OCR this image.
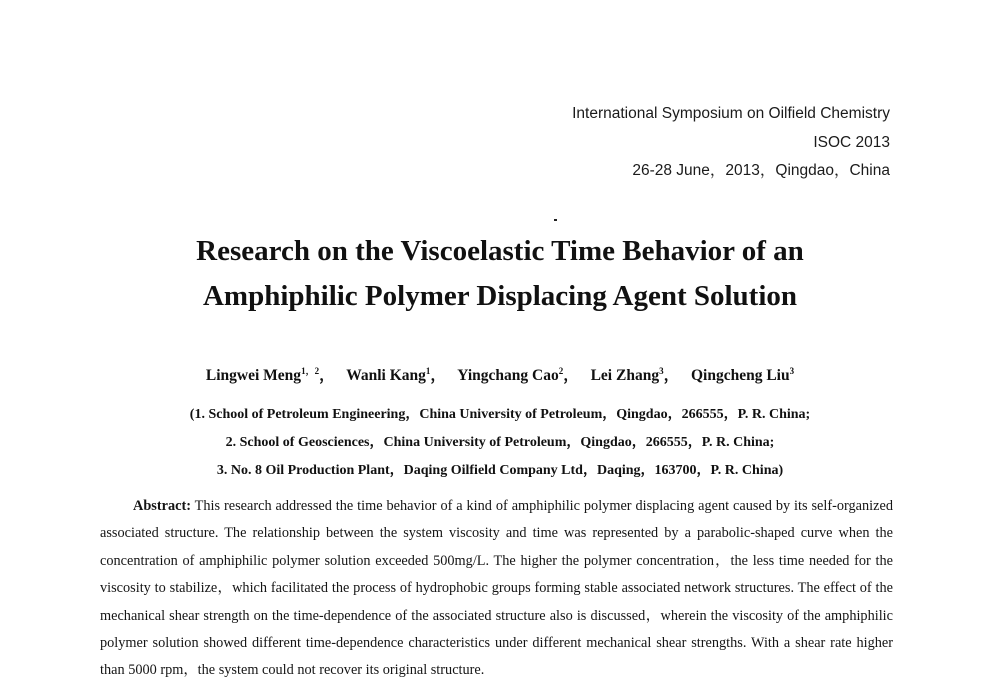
International Symposium on Oilfield Chemistry
ISOC 2013
26-28 June，2013，Qingdao，China
Research on the Viscoelastic Time Behavior of an
Amphiphilic Polymer Displacing Agent Solution
Lingwei Meng$^{1,2}$， Wanli Kang$^1$， Yingchang Cao$^2$， Lei Zhang$^3$， Qingcheng Liu$^3$
(1. School of Petroleum Engineering，China University of Petroleum，Qingdao，266555，P. R. China;
2. School of Geosciences，China University of Petroleum，Qingdao，266555，P. R. China;
3. No. 8 Oil Production Plant，Daqing Oilfield Company Ltd，Daqing，163700，P. R. China)
Abstract: This research addressed the time behavior of a kind of amphiphilic polymer displacing agent caused by its self-organized associated structure. The relationship between the system viscosity and time was represented by a parabolic-shaped curve when the concentration of amphiphilic polymer solution exceeded 500mg/L. The higher the polymer concentration，the less time needed for the viscosity to stabilize，which facilitated the process of hydrophobic groups forming stable associated network structures. The effect of the mechanical shear strength on the time-dependence of the associated structure also is discussed，wherein the viscosity of the amphiphilic polymer solution showed different time-dependence characteristics under different mechanical shear strengths. With a shear rate higher than 5000 rpm，the system could not recover its original structure.
